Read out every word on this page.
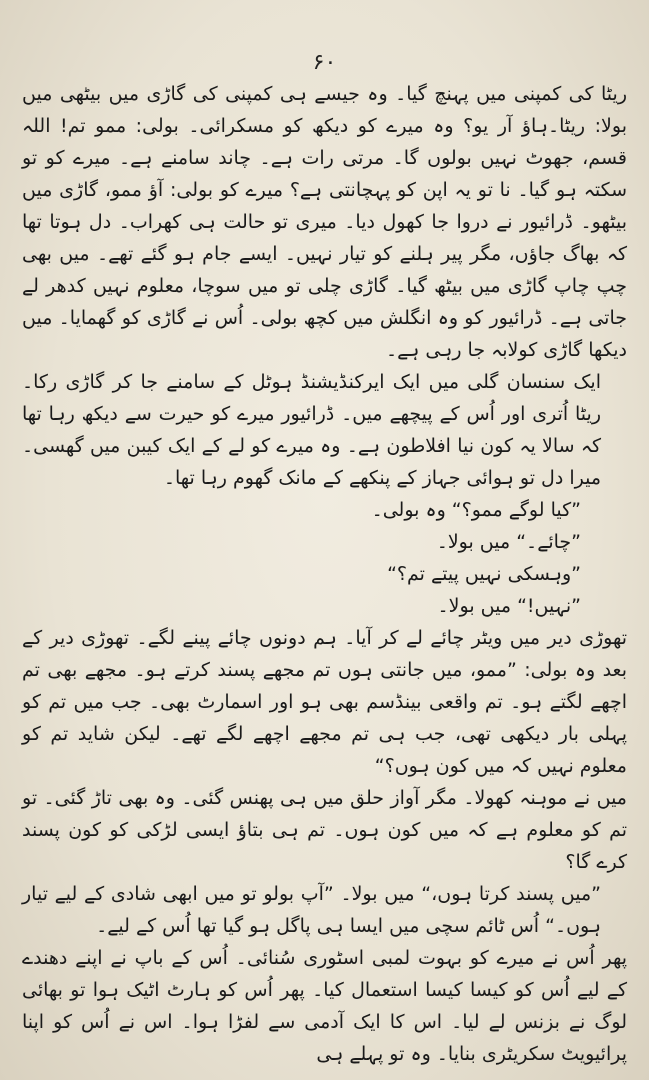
۶۰

ریٹا کی کمپنی میں پہنچ گیا۔ وہ جیسے ہی کمپنی کی گاڑی میں بیٹھی میں بولا: ریٹا۔ہاؤ آر یو؟ وہ میرے کو دیکھ کو مسکرائی۔ بولی: ممو تم! اللہ قسم، جھوٹ نہیں بولوں گا۔ مرتی رات ہے۔ چاند سامنے ہے۔ میرے کو تو سکتہ ہو گیا۔ نا تو یہ اپن کو پہچانتی ہے؟ میرے کو بولی: آؤ ممو، گاڑی میں بیٹھو۔ ڈرائیور نے دروا جا کھول دیا۔ میری تو حالت ہی کھراب۔ دل ہوتا تھا کہ بھاگ جاؤں، مگر پیر ہلنے کو تیار نہیں۔ ایسے جام ہو گئے تھے۔ میں بھی چپ چاپ گاڑی میں بیٹھ گیا۔ گاڑی چلی تو میں سوچا، معلوم نہیں کدھر لے جاتی ہے۔ ڈرائیور کو وہ انگلش میں کچھ بولی۔ اُس نے گاڑی کو گھمایا۔ میں دیکھا گاڑی کولابہ جا رہی ہے۔

ایک سنسان گلی میں ایک ایرکنڈیشنڈ ہوٹل کے سامنے جا کر گاڑی رکا۔ ریٹا اُتری اور اُس کے پیچھے میں۔ ڈرائیور میرے کو حیرت سے دیکھ رہا تھا کہ سالا یہ کون نیا افلاطون ہے۔ وہ میرے کو لے کے ایک کیبن میں گھسی۔ میرا دل تو ہوائی جہاز کے پنکھے کے مانک گھوم رہا تھا۔

”کیا لوگے ممو؟“ وہ بولی۔

”چائے۔“ میں بولا۔

”وہسکی نہیں پیتے تم؟“

”نہیں!“ میں بولا۔

تھوڑی دیر میں ویٹر چائے لے کر آیا۔ ہم دونوں چائے پینے لگے۔ تھوڑی دیر کے بعد وہ بولی: ”ممو، میں جانتی ہوں تم مجھے پسند کرتے ہو۔ مجھے بھی تم اچھے لگتے ہو۔ تم واقعی بینڈسم بھی ہو اور اسمارٹ بھی۔ جب میں تم کو پہلی بار دیکھی تھی، جب ہی تم مجھے اچھے لگے تھے۔ لیکن شاید تم کو معلوم نہیں کہ میں کون ہوں؟“

میں نے موہنہ کھولا۔ مگر آواز حلق میں ہی پھنس گئی۔ وہ بھی تاڑ گئی۔ تو تم کو معلوم ہے کہ میں کون ہوں۔ تم ہی بتاؤ ایسی لڑکی کو کون پسند کرے گا؟

”میں پسند کرتا ہوں،“ میں بولا۔ ”آپ بولو تو میں ابھی شادی کے لیے تیار ہوں۔“ اُس ٹائم سچی میں ایسا ہی پاگل ہو گیا تھا اُس کے لیے۔

پھر اُس نے میرے کو بہوت لمبی اسٹوری سُنائی۔ اُس کے باپ نے اپنے دھندے کے لیے اُس کو کیسا کیسا استعمال کیا۔ پھر اُس کو ہارٹ اٹیک ہوا تو بھائی لوگ نے بزنس لے لیا۔ اس کا ایک آدمی سے لفڑا ہوا۔ اس نے اُس کو اپنا پرائیویٹ سکریٹری بنایا۔ وہ تو پہلے ہی
